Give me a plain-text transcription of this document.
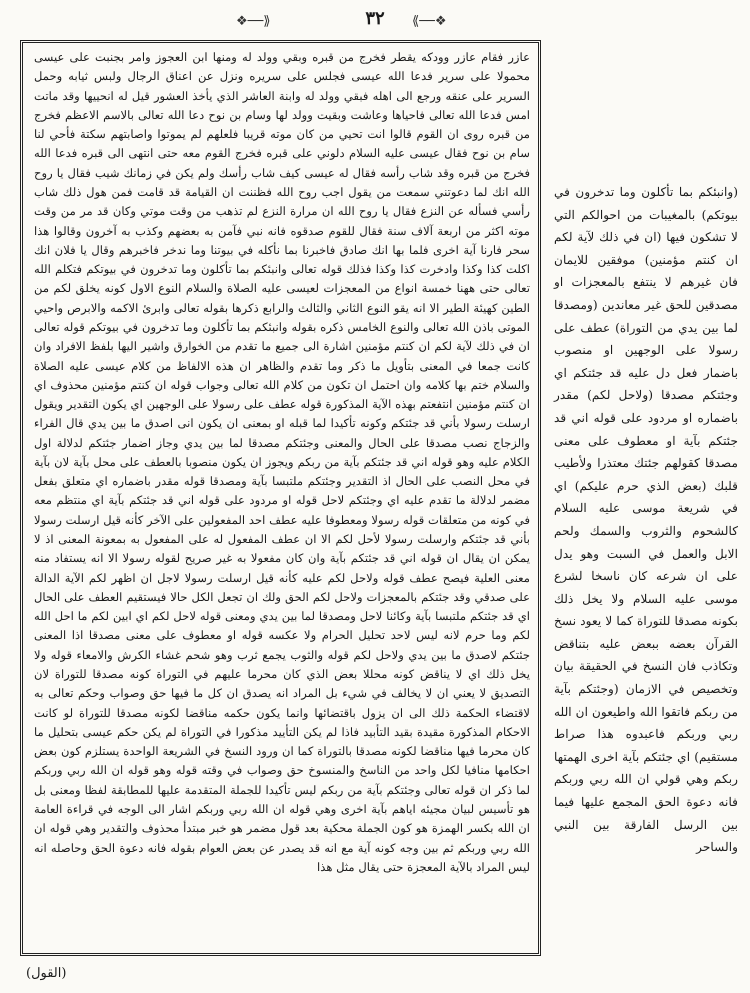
❖──⟫	٣٢	⟪──❖

عازر فقام عازر وودكه يقطر فخرج من قبره وبقي وولد له ومنها ابن العجوز وامر بجنبت على عيسى محمولا على سرير فدعا الله عيسى فجلس على سريره ونزل عن اعناق الرجال ولبس ثيابه وحمل السرير على عنقه ورجع الى اهله فبقي وولد له وابنة العاشر الذي يأخذ العشور قيل له انحييها وقد ماتت امس فدعا الله تعالى فاحياها وعاشت وبقيت وولد لها وسام بن نوح دعا الله تعالى بالاسم الاعظم فخرج من قبره روى ان القوم قالوا انت تحيي من كان موته قريبا فلعلهم لم يموتوا واصابتهم سكتة فأحي لنا سام بن نوح فقال عيسى عليه السلام دلوني على قبره فخرج القوم معه حتى انتهى الى قبره فدعا الله فخرج من قبره وقد شاب رأسه فقال له عيسى كيف شاب رأسك ولم يكن في زمانك شيب فقال يا روح الله انك لما دعوتني سمعت من يقول اجب روح الله فظننت ان القيامة قد قامت فمن هول ذلك شاب رأسي فسأله عن النزع فقال يا روح الله ان مرارة النزع لم تذهب من وقت موتي وكان قد مر من وقت موته اكثر من اربعة آلاف سنة فقال للقوم صدقوه فانه نبي فآمن به بعضهم وكذب به آخرون وقالوا هذا سحر فارنا آية اخرى فلما بها انك صادق فاخبرنا بما نأكله في بيوتنا وما ندخر فاخبرهم وقال يا فلان انك اكلت كذا وكذا وادخرت كذا وكذا فذلك قوله تعالى وانبئكم بما تأكلون وما تدخرون في بيوتكم فتكلم الله تعالى حتى ههنا خمسة انواع من المعجزات لعيسى عليه الصلاة والسلام النوع الاول كونه يخلق لكم من الطين كهيئة الطير الا انه يقو النوع الثاني والثالث والرابع ذكرها بقوله تعالى وابرئ الاكمه والابرص واحيي الموتى باذن الله تعالى والنوع الخامس ذكره بقوله وانبئكم بما تأكلون وما تدخرون في بيوتكم قوله تعالى ان في ذلك لآية لكم ان كنتم مؤمنين اشارة الى جميع ما تقدم من الخوارق واشير اليها بلفظ الافراد وان كانت جمعا في المعنى بتأويل ما ذكر وما تقدم والظاهر ان هذه الالفاظ من كلام عيسى عليه الصلاة والسلام ختم بها كلامه وان احتمل ان تكون من كلام الله تعالى وجواب قوله ان كنتم مؤمنين محذوف اي ان كنتم مؤمنين انتفعتم بهذه الآية المذكورة قوله عطف على رسولا على الوجهين اي يكون التقدير ويقول ارسلت رسولا بأني قد جئتكم وكونه تأكيدا لما قبله او بمعنى ان يكون انى اصدق ما بين يدي قال الفراء والزجاج نصب مصدقا على الحال والمعنى وجئتكم مصدقا لما بين يدي وجاز اضمار جئتكم لدلالة اول الكلام عليه وهو قوله اني قد جئتكم بآية من ربكم ويجوز ان يكون منصوبا بالعطف على محل بآية لان بآية في محل النصب على الحال اذ التقدير وجئتكم ملتبسا بآية ومصدقا قوله مقدر باضماره اي متعلق بفعل مضمر لدلالة ما تقدم عليه اي وجئتكم لاحل قوله او مردود على قوله اني قد جئتكم بآية اي منتظم معه في كونه من متعلقات قوله رسولا ومعطوفا عليه عطف احد المفعولين على الآخر كأنه قيل ارسلت رسولا بأني قد جئتكم وارسلت رسولا لأحل لكم الا ان عطف المفعول له على المفعول به بمعونة المعنى اذ لا يمكن ان يقال ان قوله اني قد جئتكم بآية وان كان مفعولا به غير صريح لقوله رسولا الا انه يستفاد منه معنى العلية فيصح عطف قوله ولاحل لكم عليه كأنه قيل ارسلت رسولا لاجل ان اظهر لكم الآية الدالة على صدقي وقد جئتكم بالمعجزات ولاحل لكم الحق ولك ان تجعل الكل حالا فيستقيم العطف على الحال اي قد جئتكم ملتبسا بآية وكائنا لاحل ومصدقا لما بين يدي ومعنى قوله لاحل لكم اي ابين لكم ما احل الله لكم وما حرم لانه ليس لاحد تحليل الحرام ولا عكسه قوله او معطوف على معنى مصدقا اذا المعنى جئتكم لاصدق ما بين يدي ولاحل لكم قوله والثوب يجمع ثرب وهو شحم غشاء الكرش والامعاء قوله ولا يخل ذلك اي لا يناقض كونه محللا بعض الذي كان محرما عليهم في التوراة كونه مصدقا للتوراة لان التصديق لا يعني ان لا يخالف في شيء بل المراد انه يصدق ان كل ما فيها حق وصواب وحكم تعالى به لاقتضاء الحكمة ذلك الى ان يزول باقتضائها وانما يكون حكمه مناقضا لكونه مصدقا للتوراة لو كانت الاحكام المذكورة مقيدة بقيد التأبيد فاذا لم يكن التأييد مذكورا في التوراة لم يكن حكم عيسى بتحليل ما كان محرما فيها مناقضا لكونه مصدقا بالتوراة كما ان ورود النسخ في الشريعة الواحدة يستلزم كون بعض احكامها منافيا لكل واحد من الناسخ والمنسوخ حق وصواب في وقته قوله وهو قوله ان الله ربي وربكم لما ذكر ان قوله تعالى وجئتكم بآية من ربكم ليس تأكيدا للجملة المتقدمة عليها للمطابقة لفظا ومعنى بل هو تأسيس لبيان مجيئه اياهم بآية اخرى وهي قوله ان الله ربي وربكم اشار الى الوجه في قراءة العامة ان الله بكسر الهمزة هو كون الجملة محكية بعد قول مضمر هو خبر مبتدأ محذوف والتقدير وهي قوله ان الله ربي وربكم ثم بين وجه كونه آية مع انه قد يصدر عن بعض العوام بقوله فانه دعوة الحق وحاصله انه ليس المراد بالآية المعجزة حتى يقال مثل هذا

(وانبئكم بما تأكلون وما تدخرون في بيوتكم) بالمغيبات من احوالكم التي لا تشكون فيها (ان في ذلك لآية لكم ان كنتم مؤمنين) موفقين للايمان فان غيرهم لا ينتفع بالمعجزات او مصدقين للحق غير معاندين (ومصدقا لما بين يدي من التوراة) عطف على رسولا على الوجهين او منصوب باضمار فعل دل عليه قد جئتكم اي وجئتكم مصدقا (ولاحل لكم) مقدر باضماره او مردود على قوله اني قد جئتكم بآية او معطوف على معنى مصدقا كقولهم جئتك معتذرا ولأطيب قلبك (بعض الذي حرم عليكم) اي في شريعة موسى عليه السلام كالشحوم والثروب والسمك ولحم الابل والعمل في السبت وهو يدل على ان شرعه كان ناسخا لشرع موسى عليه السلام ولا يخل ذلك بكونه مصدقا للتوراة كما لا يعود نسخ القرآن بعضه ببعض عليه بتناقض وتكاذب فان النسخ في الحقيقة بيان وتخصيص في الازمان (وجئتكم بآية من ربكم فاتقوا الله واطيعون ان الله ربي وربكم فاعبدوه هذا صراط مستقيم) اي جئتكم بآية اخرى الهمتها ربكم وهي قولي ان الله ربي وربكم فانه دعوة الحق المجمع عليها فيما بين الرسل الفارقة بين النبي والساحر

(القول)
